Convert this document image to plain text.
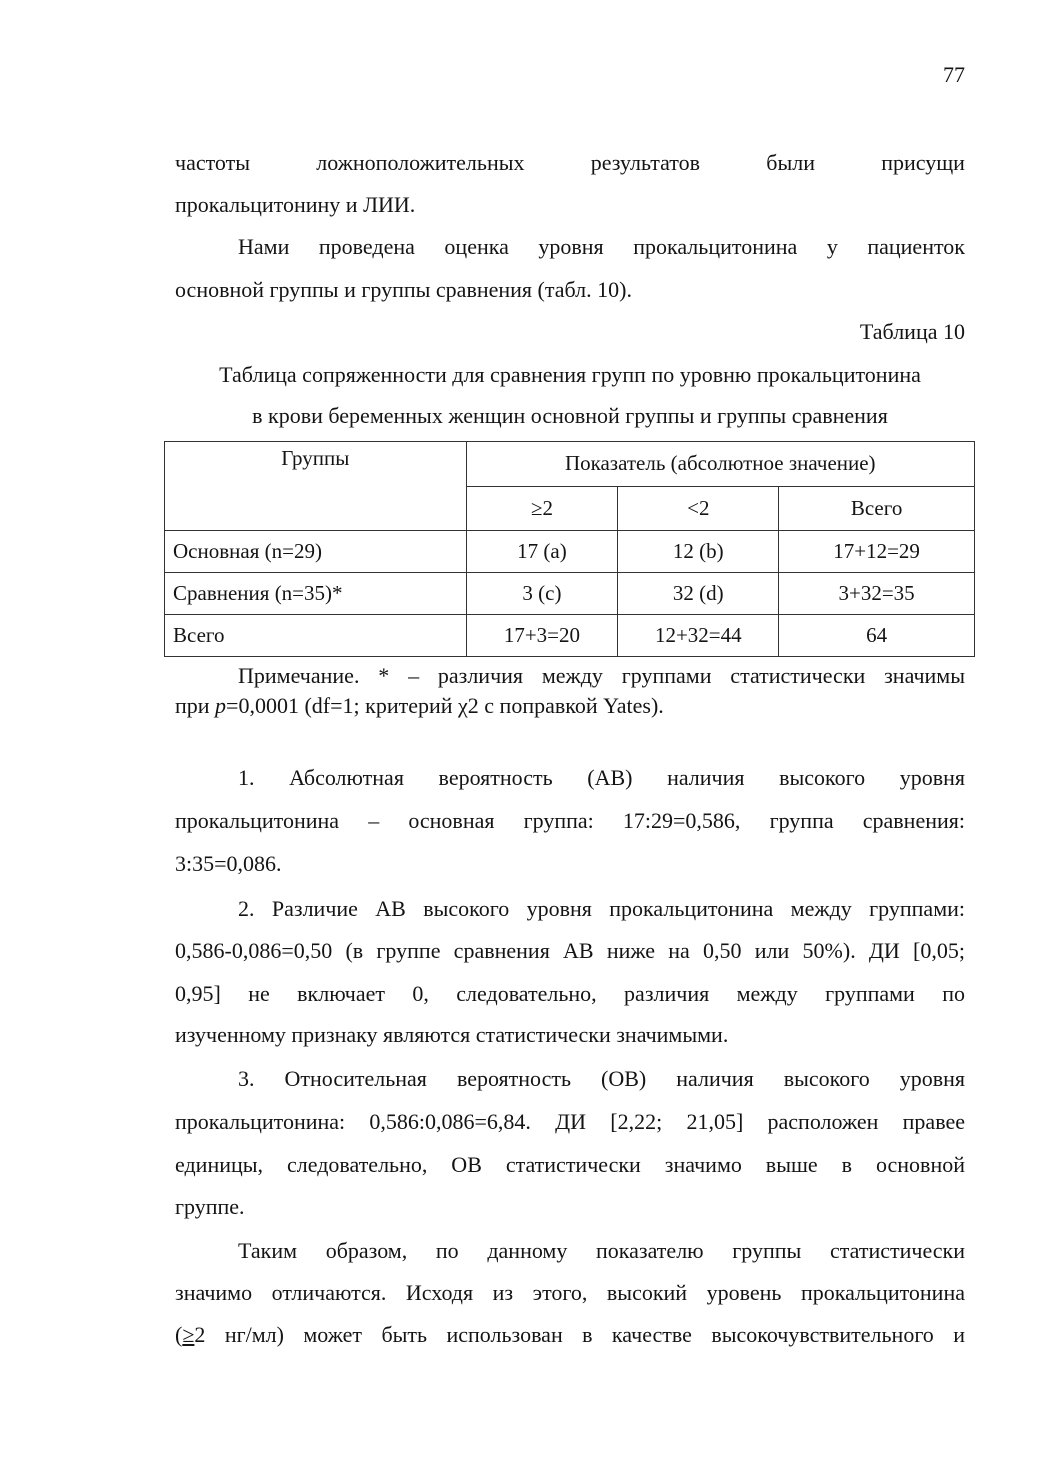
77
частоты	ложноположительных	результатов	были	присущи
прокальцитонину и ЛИИ.
Нами проведена оценка уровня прокальцитонина у пациенток
основной группы и группы сравнения (табл. 10).
Таблица 10
Таблица сопряженности для сравнения групп по уровню прокальцитонина
в крови беременных женщин основной группы и группы сравнения
Группы	Показатель (абсолютное значение)		
	≥2	<2	Всего
Основная (n=29)	17 (a)	12 (b)	17+12=29
Сравнения (n=35)*	3 (c)	32 (d)	3+32=35
Всего	17+3=20	12+32=44	64
Примечание. * – различия между группами статистически значимы
при p=0,0001 (df=1; критерий χ2 с поправкой Yates).
1. Абсолютная вероятность (АВ) наличия высокого уровня
прокальцитонина – основная группа: 17:29=0,586, группа сравнения:
3:35=0,086.
2. Различие АВ высокого уровня прокальцитонина между группами:
0,586-0,086=0,50 (в группе сравнения АВ ниже на 0,50 или 50%). ДИ [0,05;
0,95] не включает 0, следовательно, различия между группами по
изученному признаку являются статистически значимыми.
3. Относительная вероятность (ОВ) наличия высокого уровня
прокальцитонина: 0,586:0,086=6,84. ДИ [2,22; 21,05] расположен правее
единицы, следовательно, ОВ статистически значимо выше в основной
группе.
Таким образом, по данному показателю группы статистически
значимо отличаются. Исходя из этого, высокий уровень прокальцитонина
(≥2 нг/мл) может быть использован в качестве высокочувствительного и
